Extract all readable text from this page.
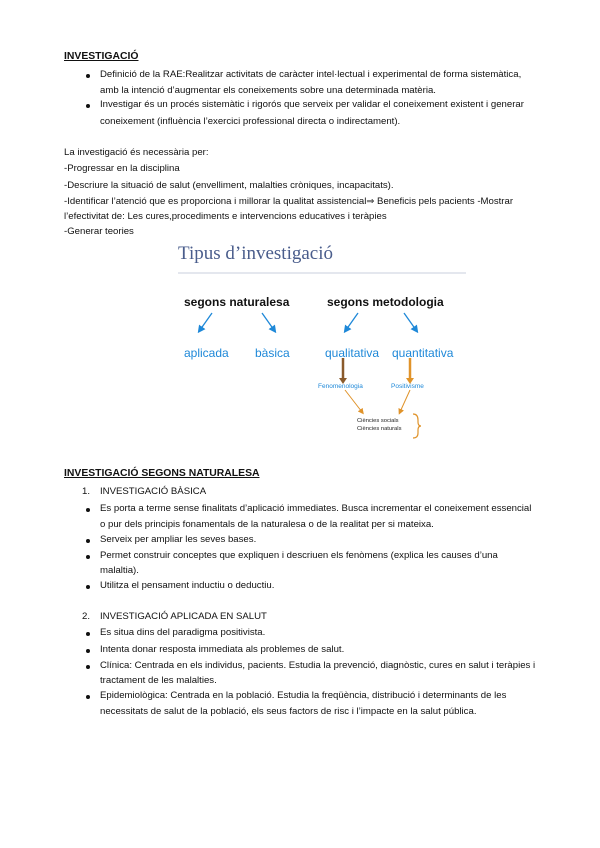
INVESTIGACIÓ
Definició de la RAE:Realitzar activitats de caràcter intel·lectual i experimental de forma sistemàtica,
amb la intenció d’augmentar els coneixements sobre una determinada matèria.
Investigar és un procés sistemàtic i rigorós que serveix per validar el coneixement existent i generar
coneixement (influència l’exercici professional directa o indirectament).
La investigació és necessària per:
-Progressar en la disciplina
-Descriure la situació de salut (envelliment, malalties cròniques, incapacitats).
-Identificar l’atenció que es proporciona i millorar la qualitat assistencial⇒ Beneficis pels pacients -Mostrar
l’efectivitat de: Les cures,procediments e intervencions educatives i teràpies
-Generar teories
Tipus d’investigació
segons naturalesa	segons metodologia
aplicada bàsica	qualitativa quantitativa
Fenomenologia	Positivisme
Ciències socials
Ciències naturals
INVESTIGACIÓ SEGONS NATURALESA
1. INVESTIGACIÓ BÀSICA
Es porta a terme sense finalitats d’aplicació immediates. Busca incrementar el coneixement essencial
o pur dels principis fonamentals de la naturalesa o de la realitat per si mateixa.
Serveix per ampliar les seves bases.
Permet construir conceptes que expliquen i descriuen els fenòmens (explica les causes d’una
malaltia).
Utilitza el pensament inductiu o deductiu.
2. INVESTIGACIÓ APLICADA EN SALUT
Es situa dins del paradigma positivista.
Intenta donar resposta immediata als problemes de salut.
Clínica: Centrada en els individus, pacients. Estudia la prevenció, diagnòstic, cures en salut i teràpies i
tractament de les malalties.
Epidemiològica: Centrada en la població. Estudia la freqüència, distribució i determinants de les
necessitats de salut de la població, els seus factors de risc i l’impacte en la salut pública.
